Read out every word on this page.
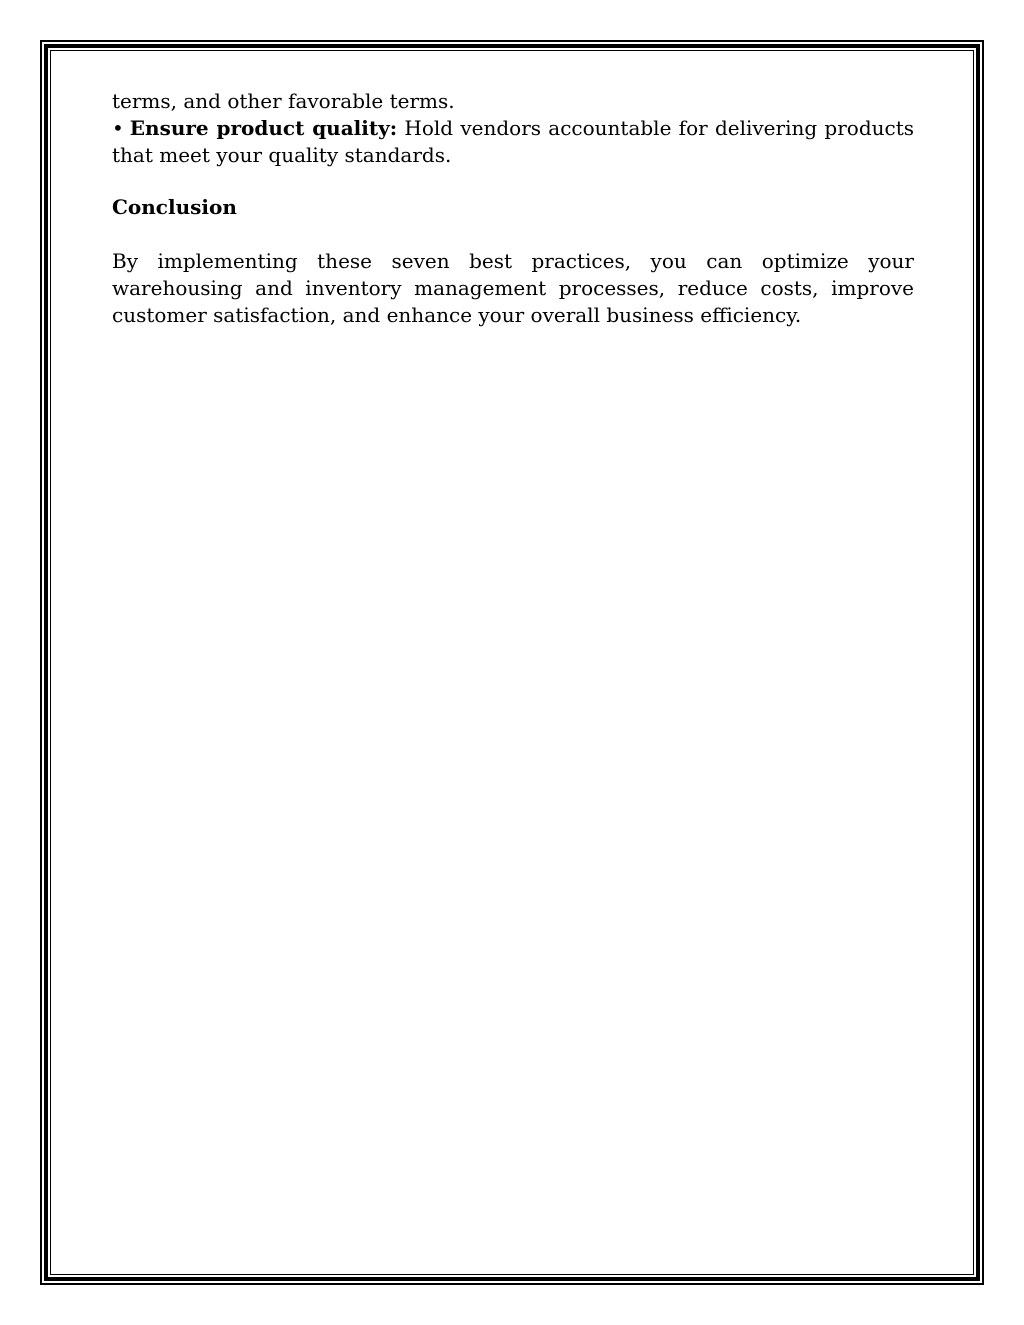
terms, and other favorable terms.

• Ensure product quality: Hold vendors accountable for delivering products that meet your quality standards.

Conclusion

By implementing these seven best practices, you can optimize your warehousing and inventory management processes, reduce costs, improve customer satisfaction, and enhance your overall business efficiency.
